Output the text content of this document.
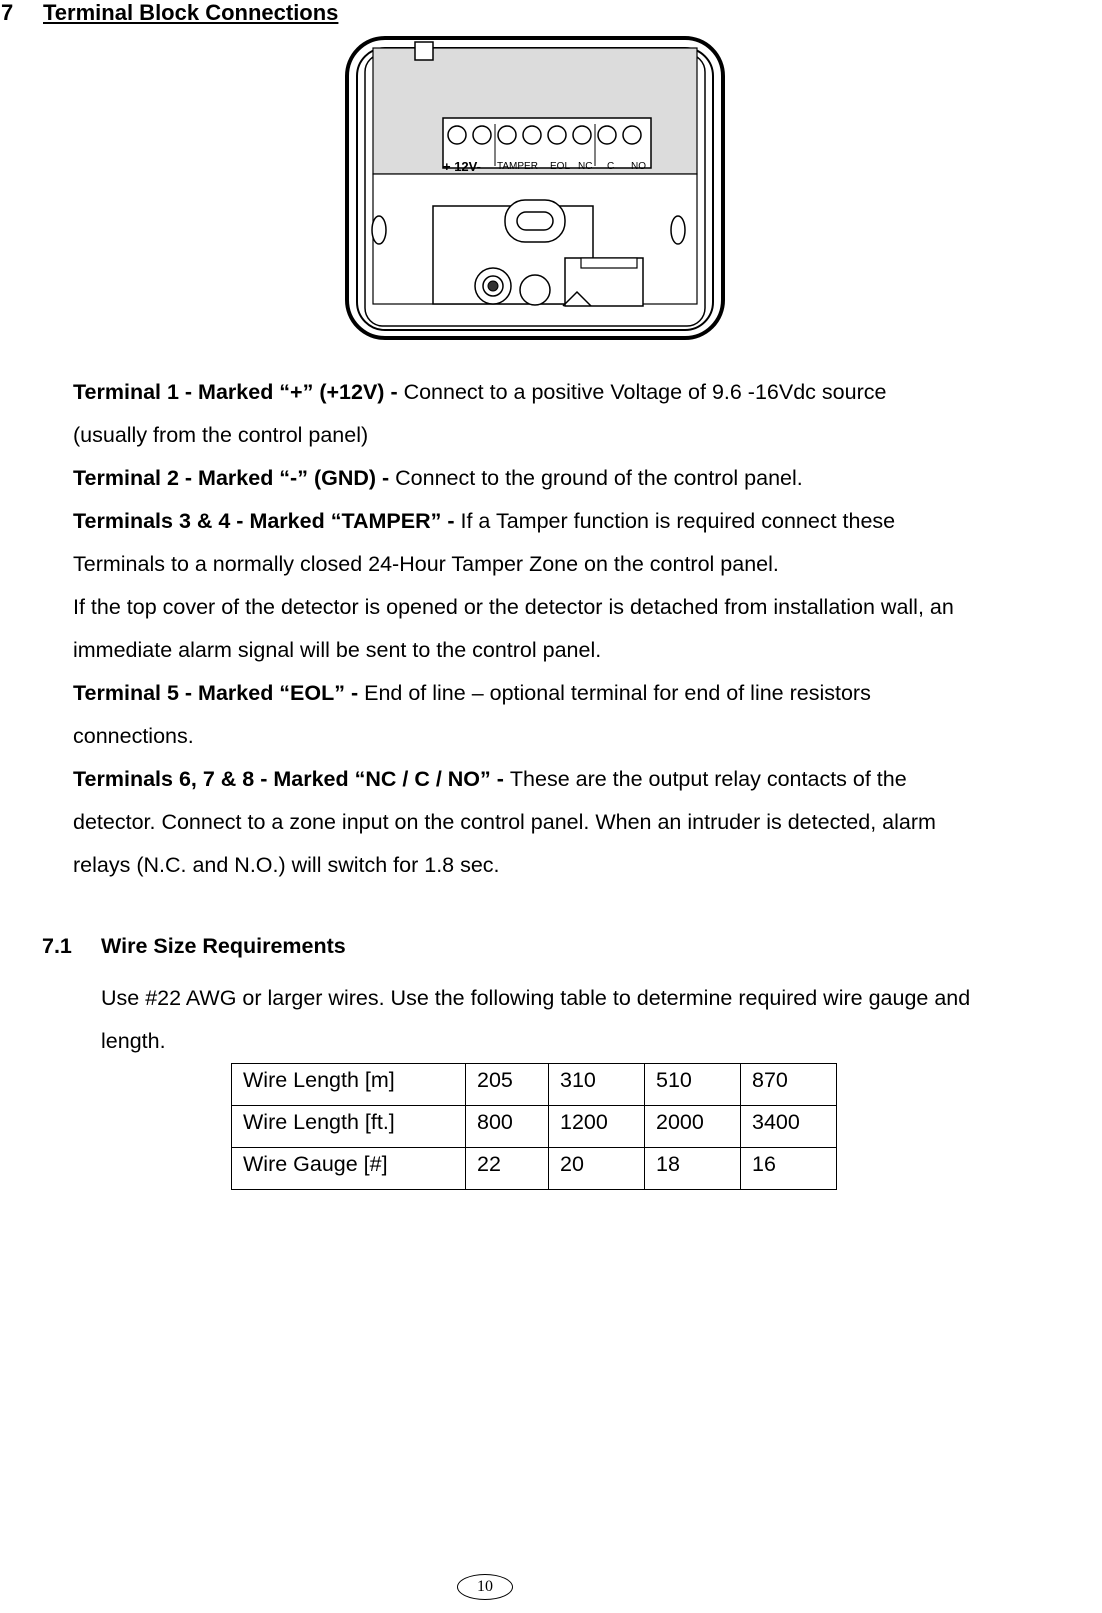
7 Terminal Block Connections
+ 12V- TAMPER EOL NC C NO
Terminal 1 - Marked “+” (+12V) - Connect to a positive Voltage of 9.6 -16Vdc source
(usually from the control panel)
Terminal 2 - Marked “-” (GND) - Connect to the ground of the control panel.
Terminals 3 & 4 - Marked “TAMPER” - If a Tamper function is required connect these
Terminals to a normally closed 24-Hour Tamper Zone on the control panel.
If the top cover of the detector is opened or the detector is detached from installation wall, an
immediate alarm signal will be sent to the control panel.
Terminal 5 - Marked “EOL” - End of line – optional terminal for end of line resistors
connections.
Terminals 6, 7 & 8 - Marked “NC / C / NO” - These are the output relay contacts of the
detector. Connect to a zone input on the control panel. When an intruder is detected, alarm
relays (N.C. and N.O.) will switch for 1.8 sec.
7.1 Wire Size Requirements
Use #22 AWG or larger wires. Use the following table to determine required wire gauge and
length.
Wire Length [m]	205	310	510	870
Wire Length [ft.]	800	1200	2000	3400
Wire Gauge [#]	22	20	18	16
10
